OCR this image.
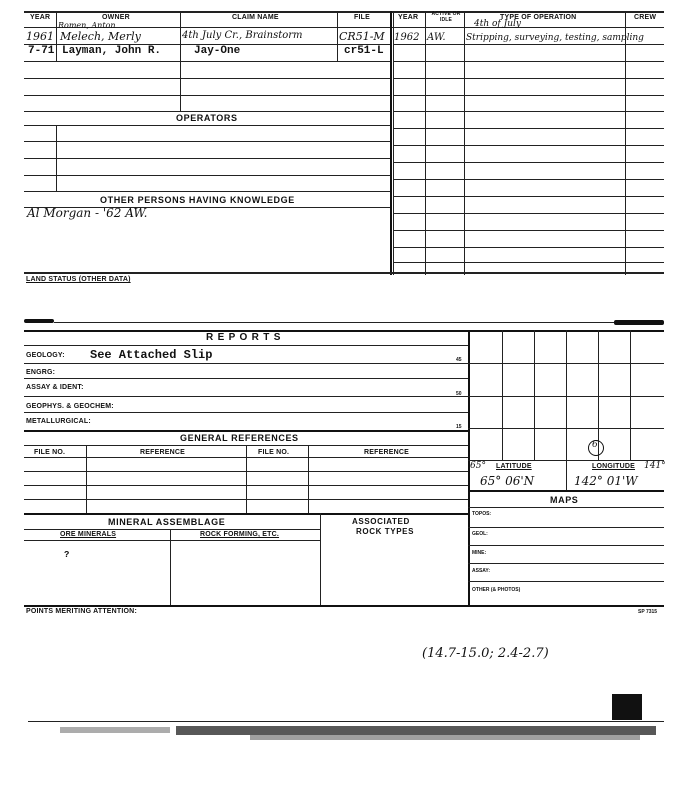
YEAR	OWNER	CLAIM NAME	FILE	YEAR	ACTIVE OR IDLE	TYPE OF OPERATION	CREW
Romen, Anton
1961 Melech, Merly	4th July Cr., Brainstorm	CR51-M
7-71 Layman, John R.	Jay-One	cr51-L
4th of July
1962 AW. Stripping, surveying, testing, sampling
OPERATORS
OTHER PERSONS HAVING KNOWLEDGE
Al Morgan - '62 AW.
LAND STATUS (OTHER DATA)
R E P O R T S
GEOLOGY: See Attached Slip	45
ENGRG:
ASSAY & IDENT:
50
GEOPHYS. & GEOCHEM:
METALLURGICAL:
15
GENERAL REFERENCES
FILE NO.	REFERENCE	FILE NO.	REFERENCE
MINERAL ASSEMBLAGE
ORE MINERALS	ROCK FORMING, ETC.
ASSOCIATED
ROCK TYPES
?
6
65° LATITUDE	LONGITUDE 141°
65° 06'N	142° 01'W
MAPS
TOPOS:
GEOL:
MINE:
ASSAY:
OTHER (& PHOTOS)
POINTS MERITING ATTENTION:	SP 7315
(14.7-15.0; 2.4-2.7)
